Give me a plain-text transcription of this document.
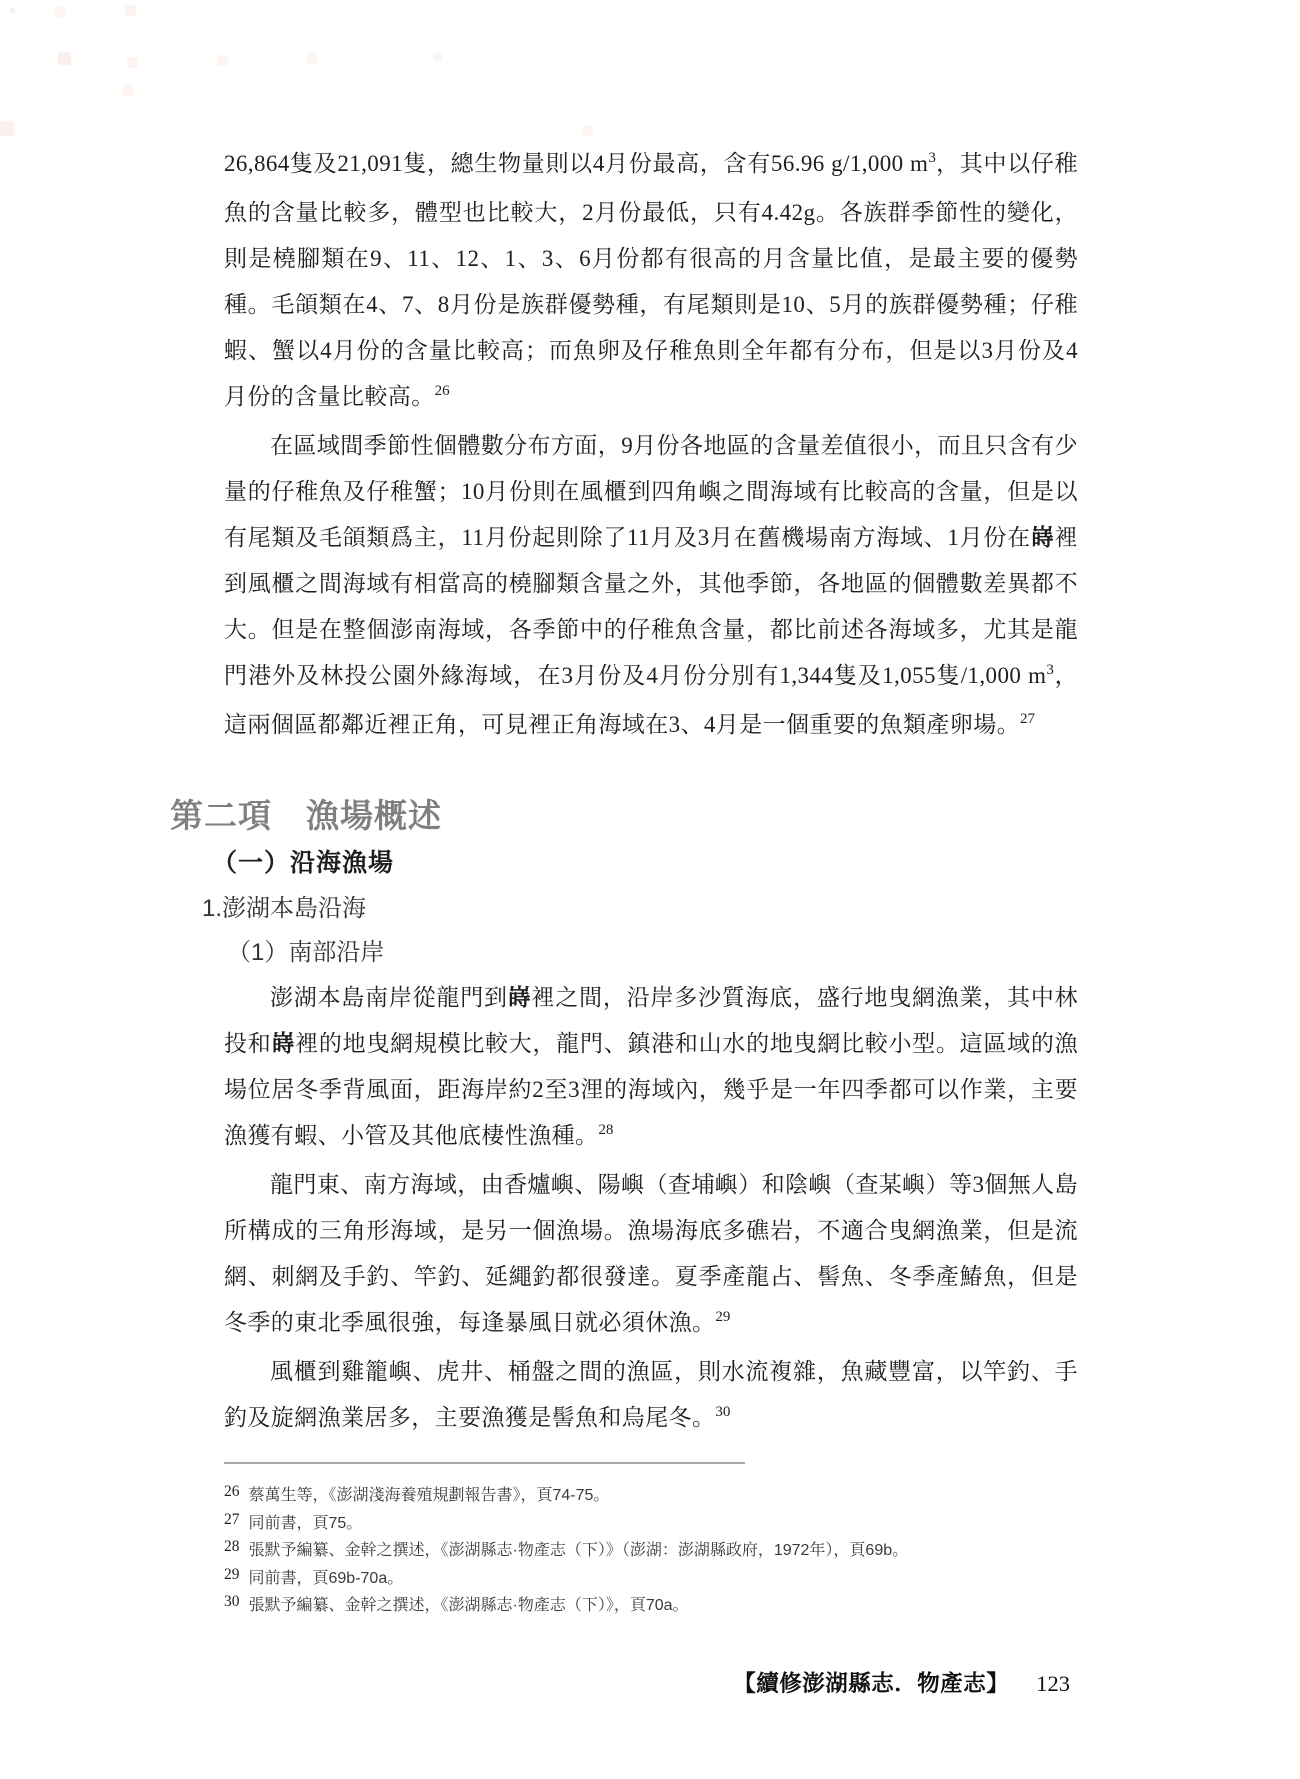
26,864隻及21,091隻，總生物量則以4月份最高，含有56.96 g/1,000 $m^3$，其中以仔稚魚的含量比較多，體型也比較大，2月份最低，只有4.42g。各族群季節性的變化，則是橈腳類在9、11、12、1、3、6月份都有很高的月含量比值，是最主要的優勢種。毛頜類在4、7、8月份是族群優勢種，有尾類則是10、5月的族群優勢種；仔稚蝦、蟹以4月份的含量比較高；而魚卵及仔稚魚則全年都有分布，但是以3月份及4月份的含量比較高。$^{26}$
在區域間季節性個體數分布方面，9月份各地區的含量差值很小，而且只含有少量的仔稚魚及仔稚蟹；10月份則在風櫃到四角嶼之間海域有比較高的含量，但是以有尾類及毛頜類爲主，11月份起則除了11月及3月在舊機場南方海域、1月份在嵵裡到風櫃之間海域有相當高的橈腳類含量之外，其他季節，各地區的個體數差異都不大。但是在整個澎南海域，各季節中的仔稚魚含量，都比前述各海域多，尤其是龍門港外及林投公園外緣海域，在3月份及4月份分別有1,344隻及1,055隻/1,000 $m^3$，這兩個區都鄰近裡正角，可見裡正角海域在3、4月是一個重要的魚類產卵場。$^{27}$
第二項　漁場概述
（一）沿海漁場
1.澎湖本島沿海
（1）南部沿岸
澎湖本島南岸從龍門到嵵裡之間，沿岸多沙質海底，盛行地曳網漁業，其中林投和嵵裡的地曳網規模比較大，龍門、鎮港和山水的地曳網比較小型。這區域的漁場位居冬季背風面，距海岸約2至3浬的海域內，幾乎是一年四季都可以作業，主要漁獲有蝦、小管及其他底棲性漁種。$^{28}$
龍門東、南方海域，由香爐嶼、陽嶼（查埔嶼）和陰嶼（查某嶼）等3個無人島所構成的三角形海域，是另一個漁場。漁場海底多礁岩，不適合曳網漁業，但是流網、刺網及手釣、竿釣、延繩釣都很發達。夏季產龍占、髻魚、冬季產鰆魚，但是冬季的東北季風很強，每逢暴風日就必須休漁。$^{29}$
風櫃到雞籠嶼、虎井、桶盤之間的漁區，則水流複雜，魚藏豐富，以竿釣、手釣及旋網漁業居多，主要漁獲是髻魚和烏尾冬。$^{30}$
26 蔡萬生等，《澎湖淺海養殖規劃報告書》，頁74-75。
27 同前書，頁75。
28 張默予編纂、金幹之撰述，《澎湖縣志·物產志（下）》（澎湖：澎湖縣政府，1972年），頁69b。
29 同前書，頁69b-70a。
30 張默予編纂、金幹之撰述，《澎湖縣志·物產志（下）》，頁70a。
【續修澎湖縣志．物產志】 123
